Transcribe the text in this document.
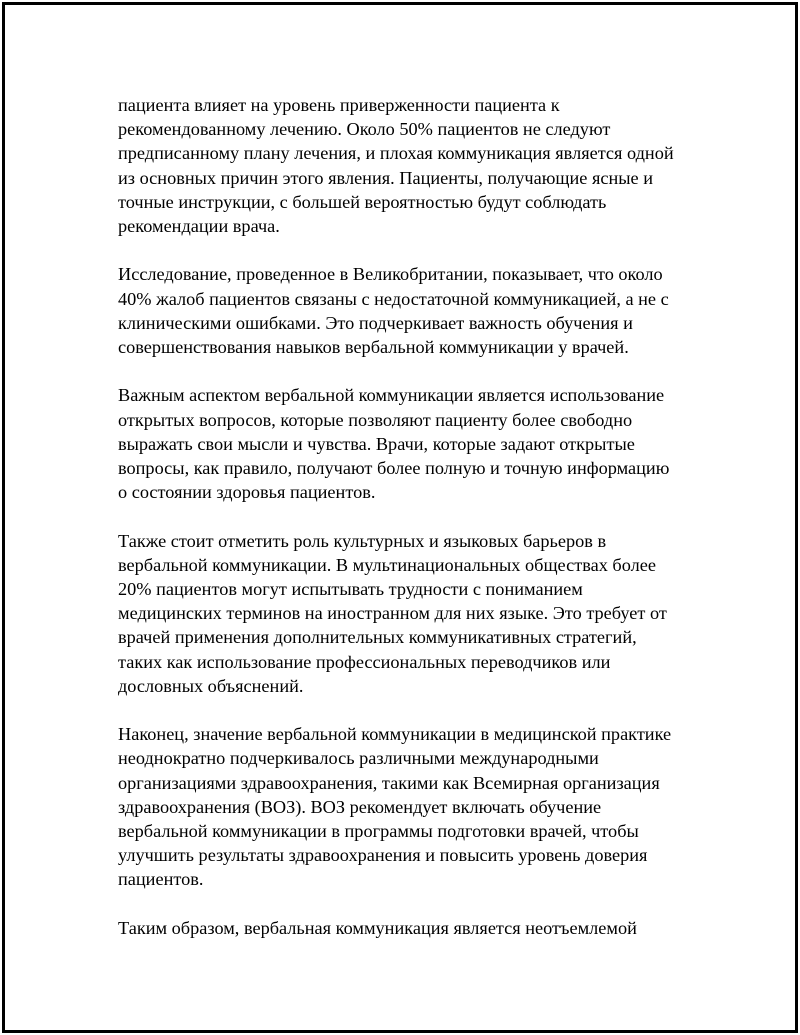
пациента влияет на уровень приверженности пациента к
рекомендованному лечению. Около 50% пациентов не следуют
предписанному плану лечения, и плохая коммуникация является одной
из основных причин этого явления. Пациенты, получающие ясные и
точные инструкции, с большей вероятностью будут соблюдать
рекомендации врача.

Исследование, проведенное в Великобритании, показывает, что около
40% жалоб пациентов связаны с недостаточной коммуникацией, а не с
клиническими ошибками. Это подчеркивает важность обучения и
совершенствования навыков вербальной коммуникации у врачей.

Важным аспектом вербальной коммуникации является использование
открытых вопросов, которые позволяют пациенту более свободно
выражать свои мысли и чувства. Врачи, которые задают открытые
вопросы, как правило, получают более полную и точную информацию
о состоянии здоровья пациентов.

Также стоит отметить роль культурных и языковых барьеров в
вербальной коммуникации. В мультинациональных обществах более
20% пациентов могут испытывать трудности с пониманием
медицинских терминов на иностранном для них языке. Это требует от
врачей применения дополнительных коммуникативных стратегий,
таких как использование профессиональных переводчиков или
дословных объяснений.

Наконец, значение вербальной коммуникации в медицинской практике
неоднократно подчеркивалось различными международными
организациями здравоохранения, такими как Всемирная организация
здравоохранения (ВОЗ). ВОЗ рекомендует включать обучение
вербальной коммуникации в программы подготовки врачей, чтобы
улучшить результаты здравоохранения и повысить уровень доверия
пациентов.

Таким образом, вербальная коммуникация является неотъемлемой
